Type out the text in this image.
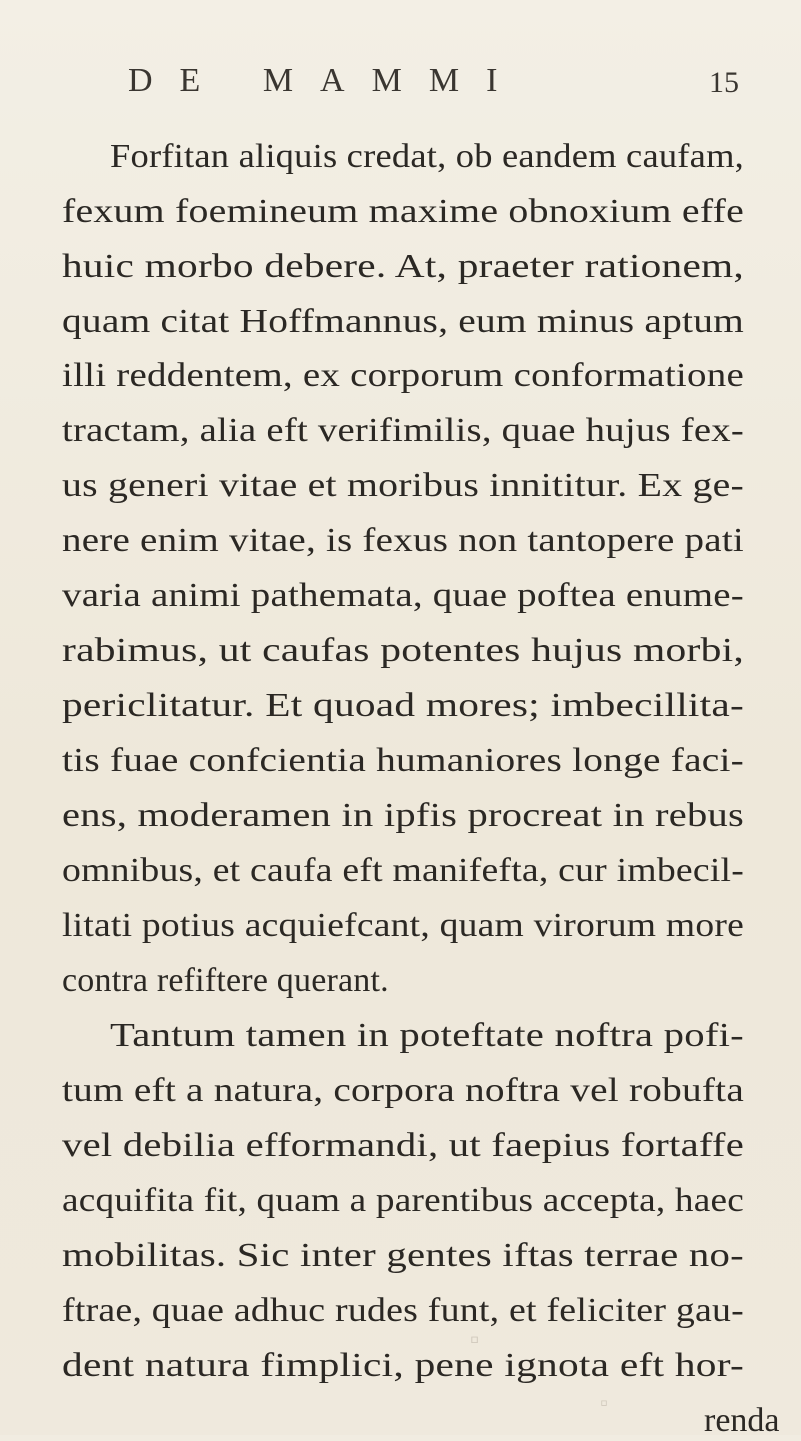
▫
▫
DE MAMMI	15
Forfitan aliquis credat, ob eandem caufam,
fexum foemineum maxime obnoxium effe
huic morbo debere. At, praeter rationem,
quam citat Hoffmannus, eum minus aptum
illi reddentem, ex corporum conformatione
tractam, alia eft verifimilis, quae hujus fex-
us generi vitae et moribus innititur. Ex ge-
nere enim vitae, is fexus non tantopere pati
varia animi pathemata, quae poftea enume-
rabimus, ut caufas potentes hujus morbi,
periclitatur. Et quoad mores; imbecillita-
tis fuae confcientia humaniores longe faci-
ens, moderamen in ipfis procreat in rebus
omnibus, et caufa eft manifefta, cur imbecil-
litati potius acquiefcant, quam virorum more
contra refiftere querant.
Tantum tamen in poteftate noftra pofi-
tum eft a natura, corpora noftra vel robufta
vel debilia efformandi, ut faepius fortaffe
acquifita fit, quam a parentibus accepta, haec
mobilitas. Sic inter gentes iftas terrae no-
ftrae, quae adhuc rudes funt, et feliciter gau-
dent natura fimplici, pene ignota eft hor-
renda
